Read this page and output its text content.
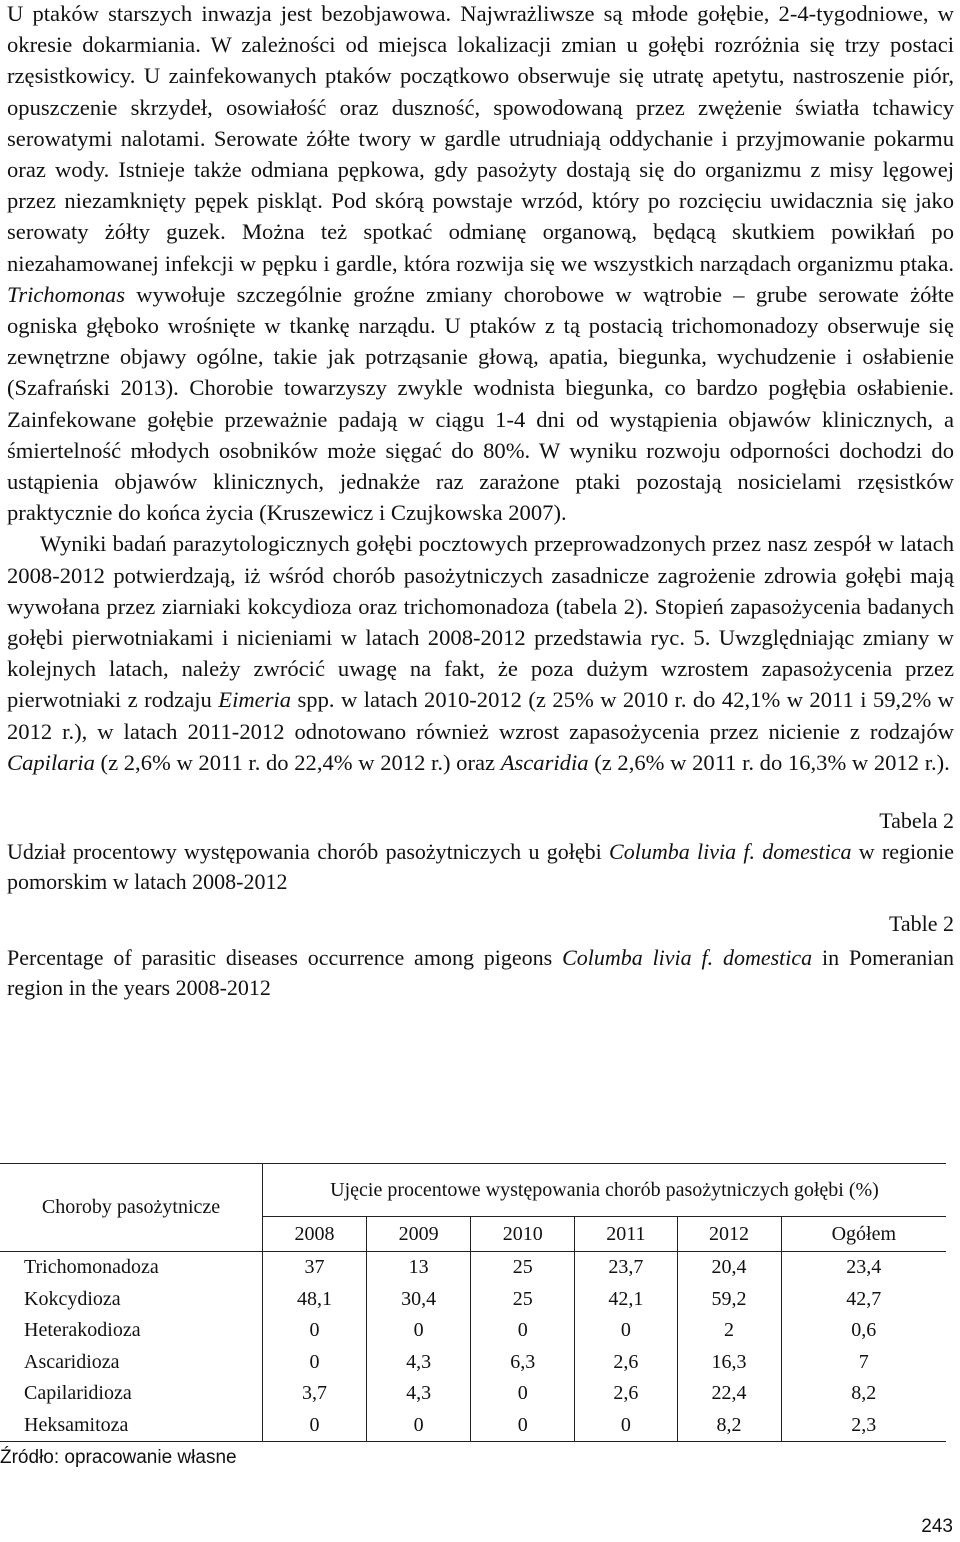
U ptaków starszych inwazja jest bezobjawowa. Najwrażliwsze są młode gołębie, 2-4-tygodniowe, w okresie dokarmiania. W zależności od miejsca lokalizacji zmian u gołębi rozróżnia się trzy postaci rzęsistkowicy. U zainfekowanych ptaków początkowo obserwuje się utratę apetytu, nastroszenie piór, opuszczenie skrzydeł, osowiałość oraz duszność, spowodowaną przez zwężenie światła tchawicy serowatymi nalotami. Serowate żółte twory w gardle utrudniają oddychanie i przyjmowanie pokarmu oraz wody. Istnieje także odmiana pępkowa, gdy pasożyty dostają się do organizmu z misy lęgowej przez niezamknięty pępek piskląt. Pod skórą powstaje wrzód, który po rozcięciu uwidacznia się jako serowaty żółty guzek. Można też spotkać odmianę organową, będącą skutkiem powikłań po niezahamowanej infekcji w pępku i gardle, która rozwija się we wszystkich narządach organizmu ptaka. Trichomonas wywołuje szczególnie groźne zmiany chorobowe w wątrobie – grube serowate żółte ogniska głęboko wrośnięte w tkankę narządu. U ptaków z tą postacią trichomonadozy obserwuje się zewnętrzne objawy ogólne, takie jak potrząsanie głową, apatia, biegunka, wychudzenie i osłabienie (Szafrański 2013). Chorobie towarzyszy zwykle wodnista biegunka, co bardzo pogłębia osłabienie. Zainfekowane gołębie przeważnie padają w ciągu 1-4 dni od wystąpienia objawów klinicznych, a śmiertelność młodych osobników może sięgać do 80%. W wyniku rozwoju odporności dochodzi do ustąpienia objawów klinicznych, jednakże raz zarażone ptaki pozostają nosicielami rzęsistków praktycznie do końca życia (Kruszewicz i Czujkowska 2007).

Wyniki badań parazytologicznych gołębi pocztowych przeprowadzonych przez nasz zespół w latach 2008-2012 potwierdzają, iż wśród chorób pasożytniczych zasadnicze zagrożenie zdrowia gołębi mają wywołana przez ziarniaki kokcydioza oraz trichomonadoza (tabela 2). Stopień zapasożycenia badanych gołębi pierwotniakami i nicieniami w latach 2008-2012 przedstawia ryc. 5. Uwzględniając zmiany w kolejnych latach, należy zwrócić uwagę na fakt, że poza dużym wzrostem zapasożycenia przez pierwotniaki z rodzaju Eimeria spp. w latach 2010-2012 (z 25% w 2010 r. do 42,1% w 2011 i 59,2% w 2012 r.), w latach 2011-2012 odnotowano również wzrost zapasożycenia przez nicienie z rodzajów Capilaria (z 2,6% w 2011 r. do 22,4% w 2012 r.) oraz Ascaridia (z 2,6% w 2011 r. do 16,3% w 2012 r.).

Tabela 2

Udział procentowy występowania chorób pasożytniczych u gołębi Columba livia f. domestica w regionie pomorskim w latach 2008-2012

Table 2

Percentage of parasitic diseases occurrence among pigeons Columba livia f. domestica in Pomeranian region in the years 2008-2012

Choroby pasożytnicze	Ujęcie procentowe występowania chorób pasożytniczych gołębi (%)					
	2008	2009	2010	2011	2012	Ogółem
Trichomonadoza	37	13	25	23,7	20,4	23,4
Kokcydioza	48,1	30,4	25	42,1	59,2	42,7
Heterakodioza	0	0	0	0	2	0,6
Ascaridioza	0	4,3	6,3	2,6	16,3	7
Capilaridioza	3,7	4,3	0	2,6	22,4	8,2
Heksamitoza	0	0	0	0	8,2	2,3
Źródło: opracowanie własne
243
